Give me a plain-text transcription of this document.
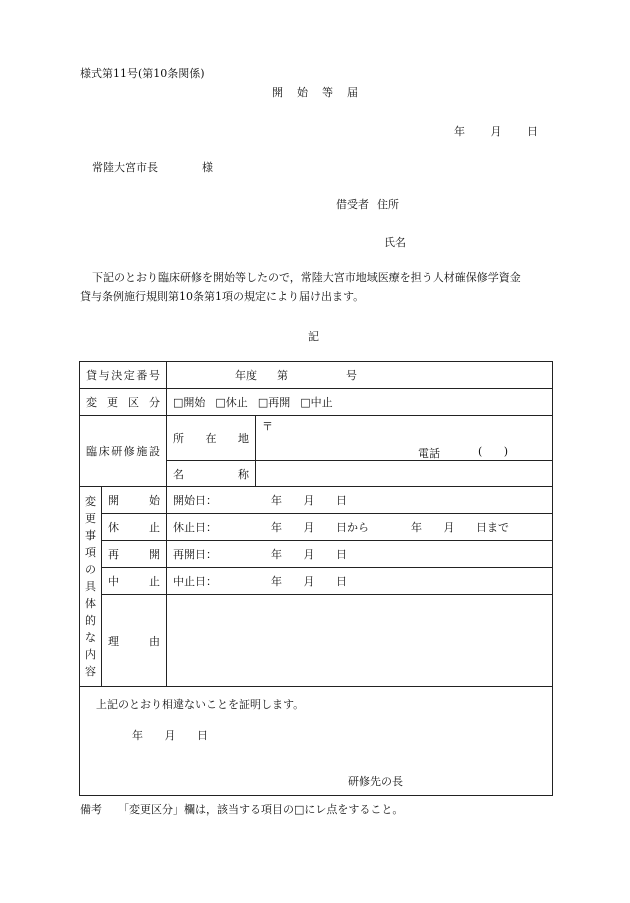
様式第11号(第10条関係)
開始等届
年 月 日
常陸大宮市長	様
借受者 住所
氏名
下記のとおり臨床研修を開始等したので，常陸大宮市地域医療を担う人材確保修学資金
貸与条例施行規則第10条第1項の規定により届け出ます。
記
貸与決定番号		年度 第 号	

変更区分		□開始 □休止 □再開 □中止	

臨床研修施設		所在地	〒
電話 ( )

		名称	

変更事項の具体的な内容	開始	開始日： 年 月 日	

	休止	休止日： 年 月 日から 年 月 日まで	

	再開	再開日： 年 月 日	

	中止	中止日： 年 月 日	

	理由		

上記のとおり相違ないことを証明します。
年 月 日
研修先の長			
備考 「変更区分」欄は，該当する項目の□にレ点をすること。
